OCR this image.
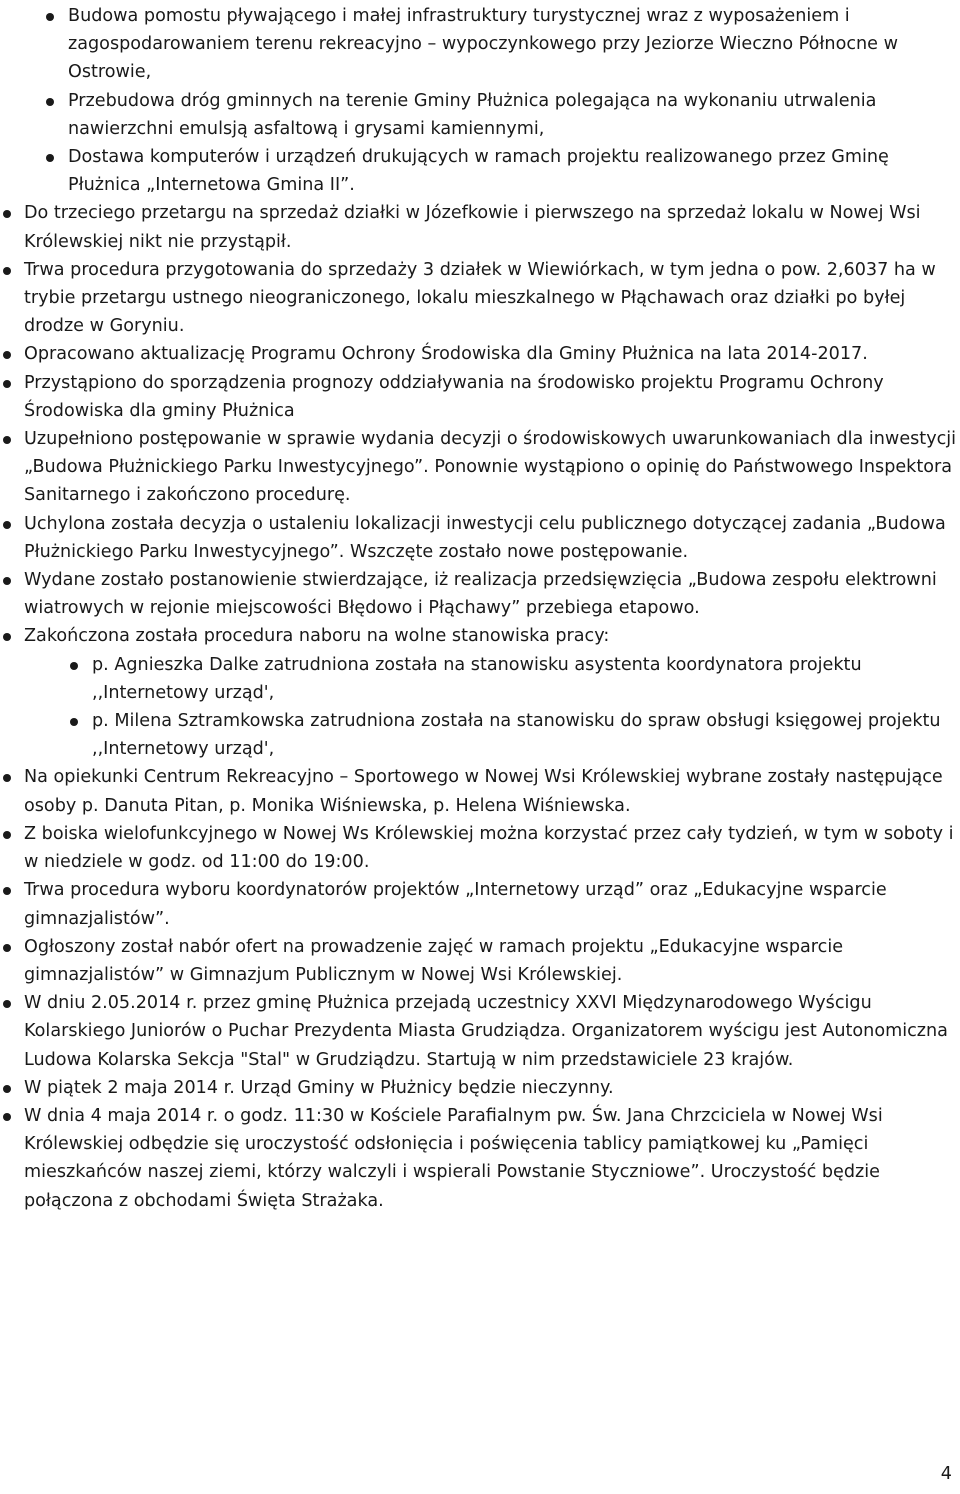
Budowa pomostu pływającego i małej infrastruktury turystycznej wraz z wyposażeniem i zagospodarowaniem terenu rekreacyjno – wypoczynkowego przy Jeziorze Wieczno Północne w Ostrowie,
Przebudowa dróg gminnych na terenie Gminy Płużnica polegająca na wykonaniu utrwalenia nawierzchni emulsją asfaltową i grysami kamiennymi,
Dostawa komputerów i urządzeń drukujących w ramach projektu realizowanego przez Gminę Płużnica „Internetowa Gmina II”.
Do trzeciego przetargu na sprzedaż działki w Józefkowie i pierwszego na sprzedaż lokalu w Nowej Wsi Królewskiej nikt nie przystąpił.
Trwa procedura przygotowania do sprzedaży 3 działek w Wiewiórkach, w tym jedna o pow. 2,6037 ha w trybie przetargu ustnego nieograniczonego, lokalu mieszkalnego w Płąchawach oraz działki po byłej drodze w Goryniu.
Opracowano aktualizację Programu Ochrony Środowiska dla Gminy Płużnica na lata 2014-2017.
Przystąpiono do sporządzenia prognozy oddziaływania na środowisko projektu Programu Ochrony Środowiska dla gminy Płużnica
Uzupełniono postępowanie w sprawie wydania decyzji o środowiskowych uwarunkowaniach dla inwestycji „Budowa Płużnickiego Parku Inwestycyjnego”. Ponownie wystąpiono o opinię do Państwowego Inspektora Sanitarnego i zakończono procedurę.
Uchylona została decyzja o ustaleniu lokalizacji inwestycji celu publicznego dotyczącej zadania „Budowa Płużnickiego Parku Inwestycyjnego”. Wszczęte zostało nowe postępowanie.
Wydane zostało postanowienie stwierdzające, iż realizacja przedsięwzięcia „Budowa zespołu elektrowni wiatrowych w rejonie miejscowości Błędowo i Płąchawy” przebiega etapowo.
Zakończona została procedura naboru na wolne stanowiska pracy:
p. Agnieszka Dalke zatrudniona została na stanowisku asystenta koordynatora projektu ,,Internetowy urząd',
p. Milena Sztramkowska zatrudniona została na stanowisku do spraw obsługi księgowej projektu ,,Internetowy urząd',
Na opiekunki Centrum Rekreacyjno – Sportowego w Nowej Wsi Królewskiej wybrane zostały następujące osoby p. Danuta Pitan, p. Monika Wiśniewska, p. Helena Wiśniewska.
Z boiska wielofunkcyjnego w Nowej Ws Królewskiej można korzystać przez cały tydzień, w tym w soboty i w niedziele w godz. od 11:00 do 19:00.
Trwa procedura wyboru koordynatorów projektów „Internetowy urząd” oraz „Edukacyjne wsparcie gimnazjalistów”.
Ogłoszony został nabór ofert na prowadzenie zajęć w ramach projektu „Edukacyjne wsparcie gimnazjalistów” w Gimnazjum Publicznym w Nowej Wsi Królewskiej.
W dniu 2.05.2014 r. przez gminę Płużnica przejadą uczestnicy XXVI Międzynarodowego Wyścigu Kolarskiego Juniorów o Puchar Prezydenta Miasta Grudziądza. Organizatorem wyścigu jest Autonomiczna Ludowa Kolarska Sekcja "Stal" w Grudziądzu. Startują w nim przedstawiciele 23 krajów.
W piątek 2 maja 2014 r. Urząd Gminy w Płużnicy będzie nieczynny.
W dnia 4 maja 2014 r. o godz. 11:30 w Kościele Parafialnym pw. Św. Jana Chrzciciela w Nowej Wsi Królewskiej odbędzie się uroczystość odsłonięcia i poświęcenia tablicy pamiątkowej ku „Pamięci mieszkańców naszej ziemi, którzy walczyli i wspierali Powstanie Styczniowe”. Uroczystość będzie połączona z obchodami Święta Strażaka.
4
